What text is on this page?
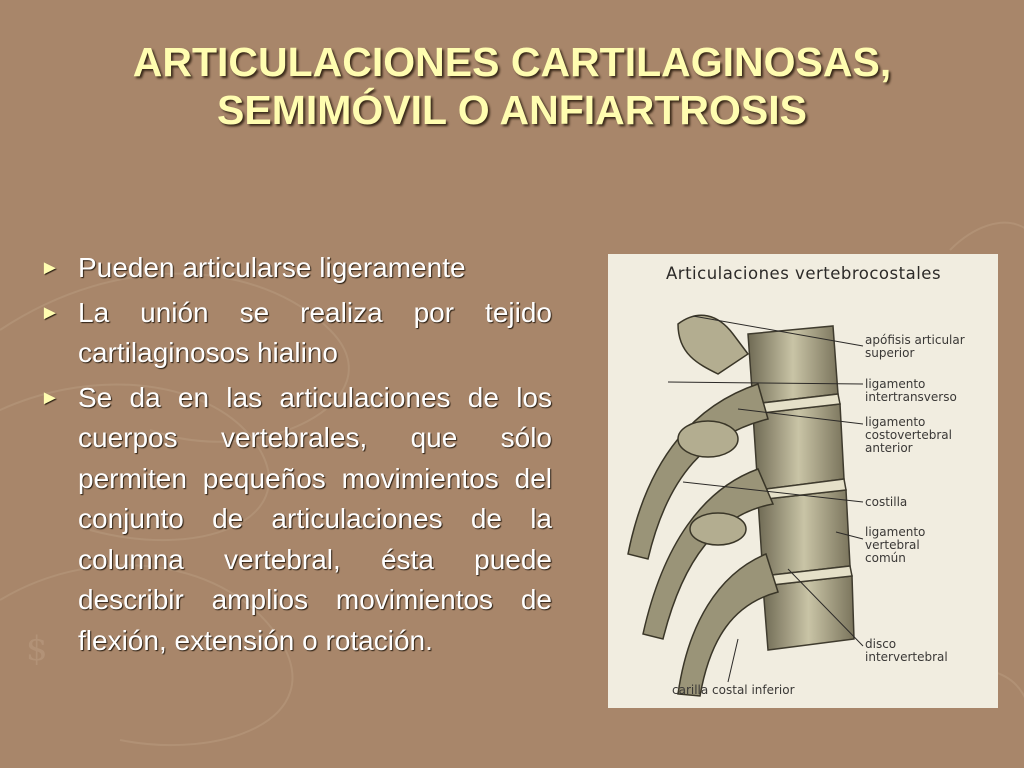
$
ARTICULACIONES CARTILAGINOSAS,
SEMIMÓVIL O ANFIARTROSIS
► Pueden articularse ligeramente
► La unión se realiza por tejido cartilaginosos hialino
► Se da en las articulaciones de los cuerpos vertebrales, que sólo permiten pequeños movimientos del conjunto de articulaciones de la columna vertebral, ésta puede describir amplios movimientos de flexión, extensión o rotación.
Articulaciones vertebrocostales
apófisis articular
superior
ligamento
intertransverso
ligamento
costovertebral
anterior
costilla
ligamento
vertebral
común
disco
intervertebral
carilla costal inferior
